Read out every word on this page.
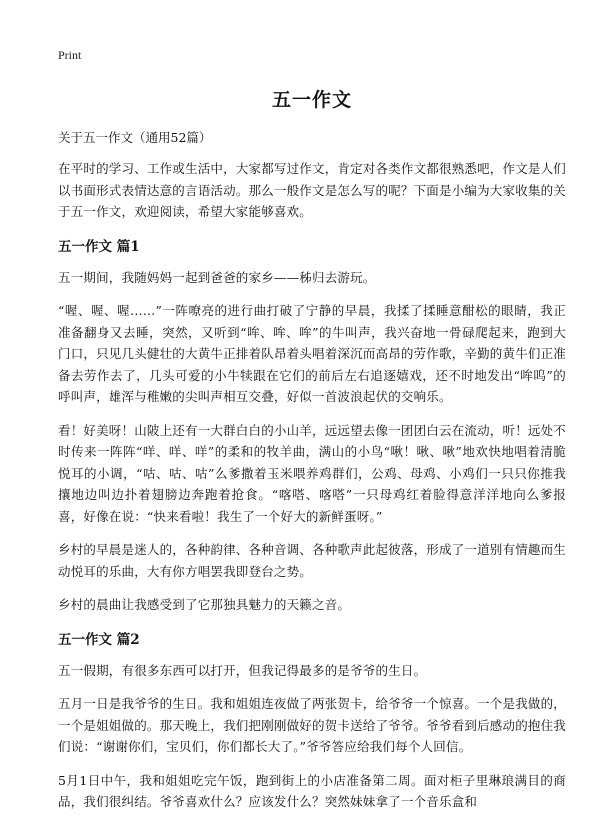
Print
五一作文
关于五一作文（通用52篇）

在平时的学习、工作或生活中，大家都写过作文，肯定对各类作文都很熟悉吧，作文是人们以书面形式表情达意的言语活动。那么一般作文是怎么写的呢？下面是小编为大家收集的关于五一作文，欢迎阅读，希望大家能够喜欢。

五一作文 篇1

五一期间，我随妈妈一起到爸爸的家乡——秭归去游玩。

“喔、喔、喔……”一阵嘹亮的进行曲打破了宁静的早晨，我揉了揉睡意酣松的眼睛，我正准备翻身又去睡，突然，又听到“哞、哞、哞”的牛叫声，我兴奋地一骨碌爬起来，跑到大门口，只见几头健壮的大黄牛正排着队昂着头唱着深沉而高昂的劳作歌，辛勤的黄牛们正准备去劳作去了，几头可爱的小牛犊跟在它们的前后左右追逐嬉戏，还不时地发出“哞呜”的呼叫声，雄浑与稚嫩的尖叫声相互交叠，好似一首波浪起伏的交响乐。

看！好美呀！山陂上还有一大群白白的小山羊，远远望去像一团团白云在流动，听！远处不时传来一阵阵“咩、咩、咩”的柔和的牧羊曲，满山的小鸟“啾！啾、啾”地欢快地唱着清脆悦耳的小调，“咕、咕、咕”么爹撒着玉米喂养鸡群们，公鸡、母鸡、小鸡们一只只你推我攘地边叫边扑着翅膀边奔跑着抢食。“喀嗒、喀嗒”一只母鸡红着脸得意洋洋地向么爹报喜，好像在说：“快来看啦！我生了一个好大的新鲜蛋呀。”

乡村的早晨是迷人的，各种韵律、各种音调、各种歌声此起彼落，形成了一道别有情趣而生动悦耳的乐曲，大有你方唱罢我即登台之势。

乡村的晨曲让我感受到了它那独具魅力的天籁之音。

五一作文 篇2

五一假期，有很多东西可以打开，但我记得最多的是爷爷的生日。

五月一日是我爷爷的生日。我和姐姐连夜做了两张贺卡，给爷爷一个惊喜。一个是我做的，一个是姐姐做的。那天晚上，我们把刚刚做好的贺卡送给了爷爷。爷爷看到后感动的抱住我们说：“谢谢你们，宝贝们，你们都长大了。”爷爷答应给我们每个人回信。

5月1日中午，我和姐姐吃完午饭，跑到街上的小店准备第二周。面对柜子里琳琅满目的商品，我们很纠结。爷爷喜欢什么？应该发什么？突然妹妹拿了一个音乐盒和
